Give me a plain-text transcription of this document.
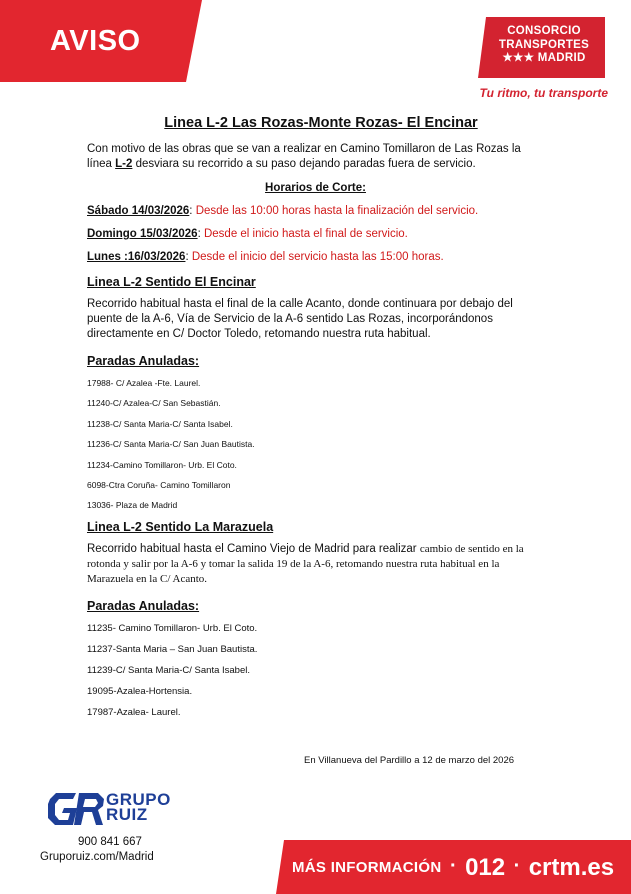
AVISO	CONSORCIO
TRANSPORTES
★★★ MADRID
Tu ritmo, tu transporte
Linea L-2 Las Rozas-Monte Rozas- El Encinar

Con motivo de las obras que se van a realizar en Camino Tomillaron de Las Rozas la línea L-2 desviara su recorrido a su paso dejando paradas fuera de servicio.

Horarios de Corte:
Sábado 14/03/2026: Desde las 10:00 horas hasta la finalización del servicio.
Domingo 15/03/2026: Desde el inicio hasta el final de servicio.
Lunes :16/03/2026: Desde el inicio del servicio hasta las 15:00 horas.
Linea L-2 Sentido El Encinar

Recorrido habitual hasta el final de la calle Acanto, donde continuara por debajo del puente de la A-6, Vía de Servicio de la A-6 sentido Las Rozas, incorporándonos directamente en C/ Doctor Toledo, retomando nuestra ruta habitual.

Paradas Anuladas:
17988- C/ Azalea -Fte. Laurel.
11240-C/ Azalea-C/ San Sebastián.
11238-C/ Santa Maria-C/ Santa Isabel.
11236-C/ Santa Maria-C/ San Juan Bautista.
11234-Camino Tomillaron- Urb. El Coto.
6098-Ctra Coruña- Camino Tomillaron
13036- Plaza de Madrid
Linea L-2 Sentido La Marazuela

Recorrido habitual hasta el Camino Viejo de Madrid para realizar cambio de sentido en la rotonda y salir por la A-6 y tomar la salida 19 de la A-6, retomando nuestra ruta habitual en la Marazuela en la C/ Acanto.

Paradas Anuladas:
11235- Camino Tomillaron- Urb. El Coto.
11237-Santa Maria – San Juan Bautista.
11239-C/ Santa Maria-C/ Santa Isabel.
19095-Azalea-Hortensia.
17987-Azalea- Laurel.
En Villanueva del Pardillo a 12 de marzo del 2026
GRUPO
RUIZ
900 841 667
Gruporuiz.com/Madrid
MÁS INFORMACIÓN · 012 · crtm.es
